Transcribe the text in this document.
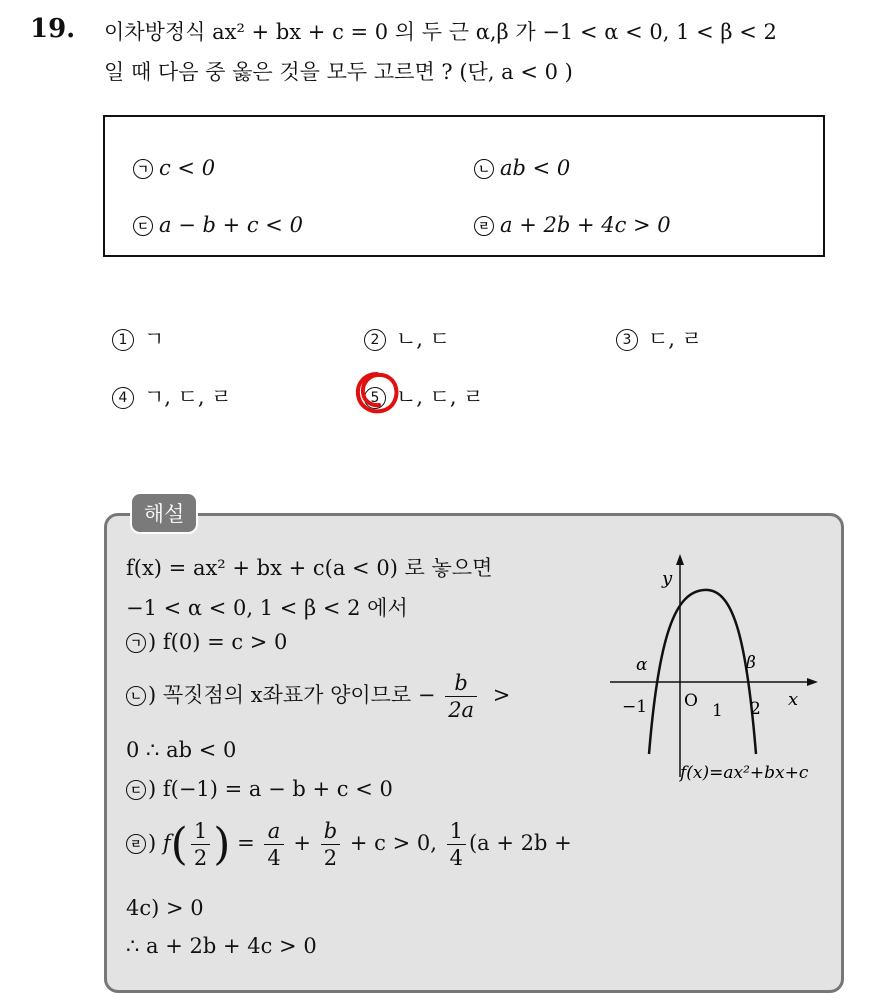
19. 이차방정식 ax² + bx + c = 0 의 두 근 α,β 가 −1 < α < 0, 1 < β < 2
일 때 다음 중 옳은 것을 모두 고르면 ? (단, a < 0 )
ㄱ c < 0	ㄴ ab < 0
ㄷ a − b + c < 0	ㄹ a + 2b + 4c > 0
1 ㄱ	2 ㄴ, ㄷ	3 ㄷ, ㄹ
4 ㄱ, ㄷ, ㄹ	5 ㄴ, ㄷ, ㄹ
해설
f(x) = ax² + bx + c(a < 0) 로 놓으면
−1 < α < 0, 1 < β < 2 에서
ㄱ ) f(0) = c > 0
ㄴ ) 꼭짓점의 x좌표가 양이므로 − $\frac{b}{2a}$ >
0 ∴ ab < 0
ㄷ ) f(−1) = a − b + c < 0
ㄹ ) $f( \frac{1}{2}$ ) = $\frac{a}{4} + \frac{b}{2} + c > 0$, $\frac{1}{4} (a + 2b$ +
4c) > 0
∴ a + 2b + 4c > 0
y
x
α	β
O
−1	1 2
f(x)=ax²+bx+c
